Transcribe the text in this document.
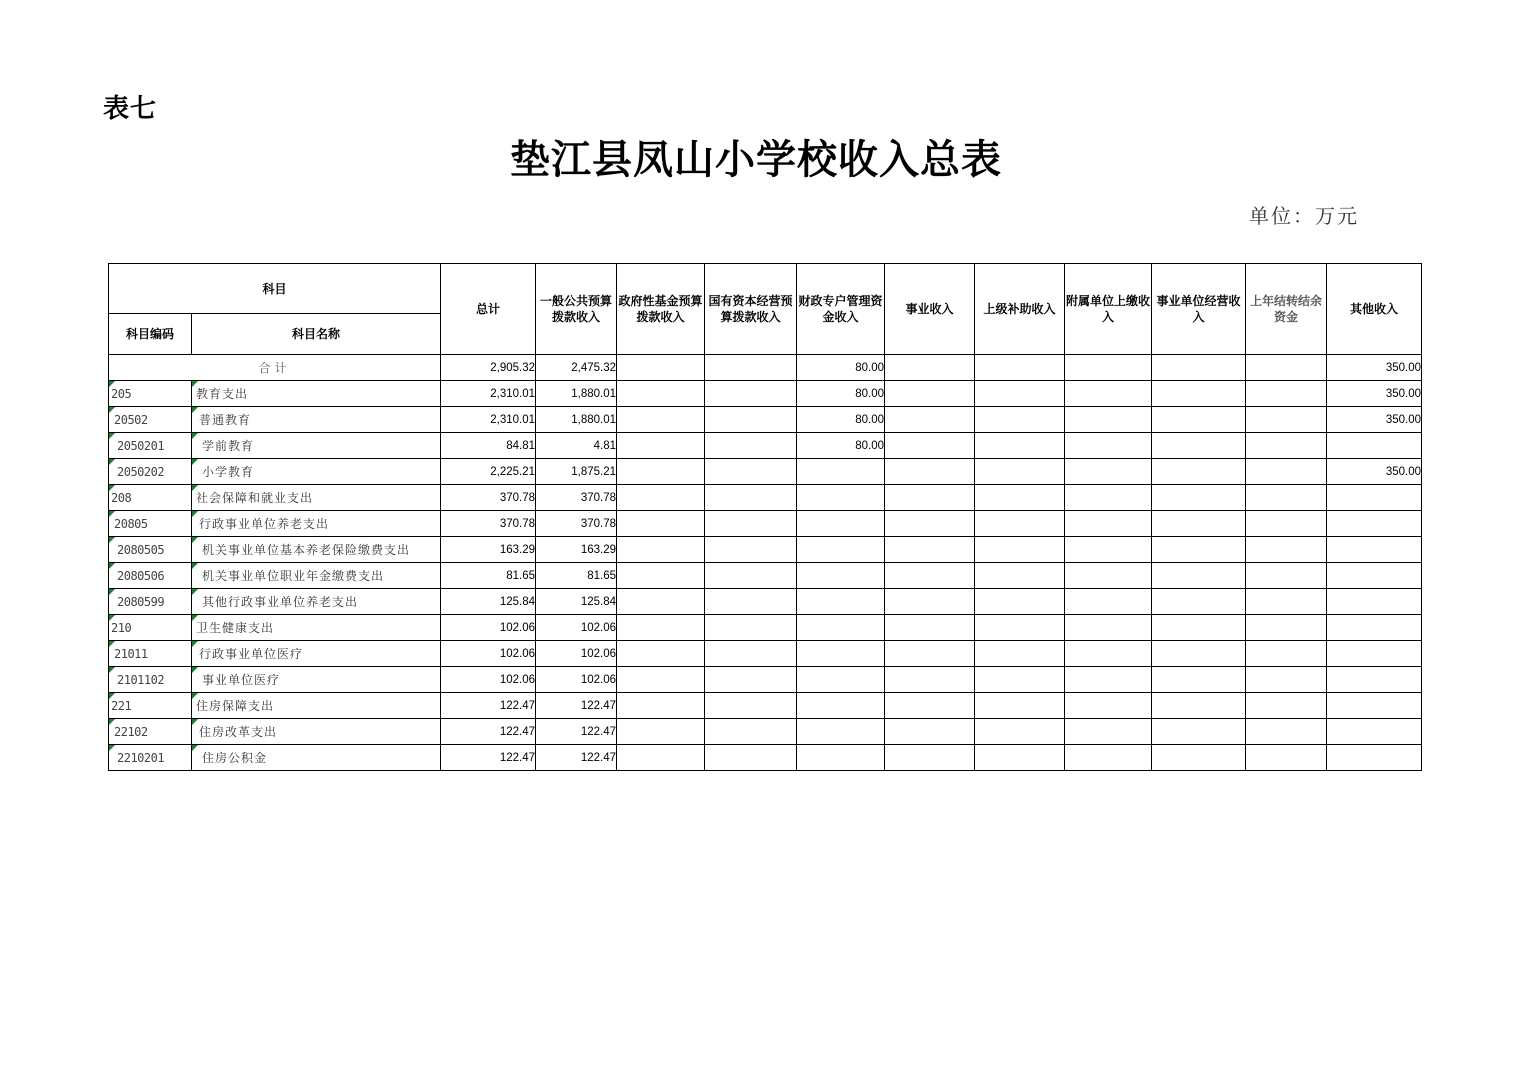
表七
垫江县凤山小学校收入总表
单位：万元
科目		总计	一般公共预算拨款收入	政府性基金预算拨款收入	国有资本经营预算拨款收入	财政专户管理资金收入	事业收入	上级补助收入	附属单位上缴收入	事业单位经营收入	上年结转结余资金	其他收入
科目编码	科目名称											
合计		2,905.32	2,475.32			80.00						350.00
205	教育支出	2,310.01	1,880.01			80.00						350.00
20502	普通教育	2,310.01	1,880.01			80.00						350.00
2050201	学前教育	84.81	4.81			80.00						
2050202	小学教育	2,225.21	1,875.21									350.00
208	社会保障和就业支出	370.78	370.78									
20805	行政事业单位养老支出	370.78	370.78									
2080505	机关事业单位基本养老保险缴费支出	163.29	163.29									
2080506	机关事业单位职业年金缴费支出	81.65	81.65									
2080599	其他行政事业单位养老支出	125.84	125.84									
210	卫生健康支出	102.06	102.06									
21011	行政事业单位医疗	102.06	102.06									
2101102	事业单位医疗	102.06	102.06									
221	住房保障支出	122.47	122.47									
22102	住房改革支出	122.47	122.47									
2210201	住房公积金	122.47	122.47									
